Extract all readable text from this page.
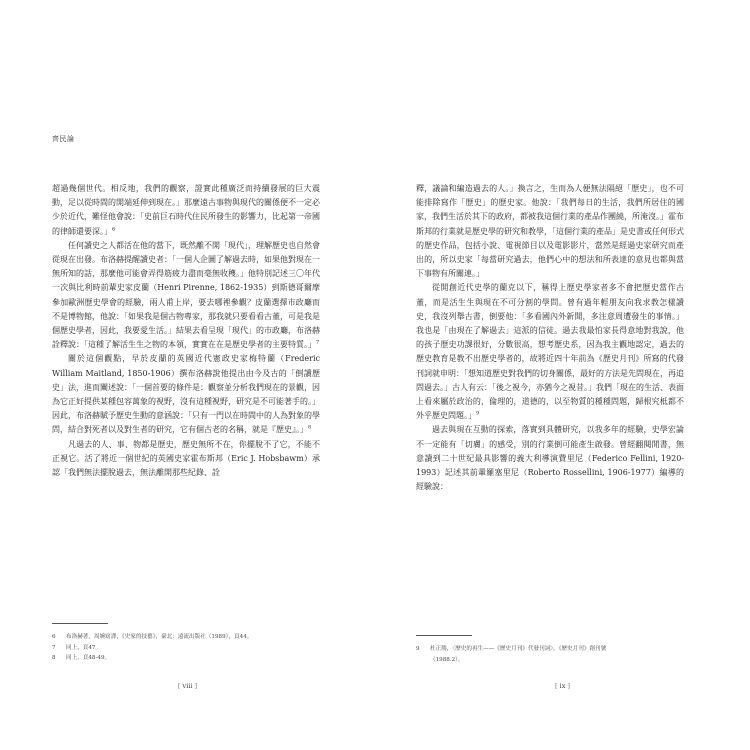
齊民論

超過幾個世代。相反地，我們的觀察，證實此種廣泛而持續發展的巨大震動，足以從時間的開端延伸到現在。」那麼遠古事物與現代的關係便不一定必少於近代，難怪他會說：「史前巨石時代住民所發生的影響力，比起第一帝國的律師還要深。」$^6$

任何讀史之人都活在他的當下，既然離不開「現代」，理解歷史也自然會從現在出發。布洛赫提醒讀史者：「一個人企圖了解過去時，如果他對現在一無所知的話，那麼他可能會弄得筋疲力盡而毫無收穫。」他特別記述三〇年代一次與比利時前輩史家皮蘭（Henri Pirenne, 1862-1935）到斯德哥爾摩參加歐洲歷史學會的經驗，兩人甫上岸，要去哪裡參觀？皮蘭選擇市政廳而不是博物館，他說：「如果我是個古物專家，那我就只要看看古董，可是我是個歷史學者，因此，我要愛生活。」結果去看呈現「現代」的市政廳，布洛赫詮釋說：「這種了解活生生之物的本領，實實在在是歷史學者的主要特質。」$^7$

關於這個觀點，早於皮蘭的英國近代憲政史家梅特蘭（Frederic William Maitland, 1850-1906）撰布洛赫說他提出由今及古的「倒讀歷史」法，進而闡述說：「一個首要的條件是：觀察並分析我們現在的景觀，因為它正好提供某種包容萬象的視野，沒有這種視野，研究是不可能著手的。」因此，布洛赫賦予歷史生動的意涵說：「只有一門以在時間中的人為對象的學問，結合對死者以及對生者的研究，它有個古老的名稱，就是『歷史』。」$^8$

凡過去的人、事、物都是歷史，歷史無所不在，你擺脫不了它，不能不正視它。活了將近一個世紀的英國史家霍布斯邦（Eric J. Hobsbawm）承認「我們無法擺脫過去，無法離開那些紀錄、詮

6 布洛赫著，周婉窈譯，《史家的技藝》，臺北：遠流出版社（1989），頁44。
7 同上，頁47。
8 同上，頁48-49。
[ viii ]

釋，議論和編造過去的人。」換言之，生而為人便無法隔絕「歷史」，也不可能排除寫作「歷史」的歷史家。他說：「我們每日的生活，我們所居住的國家，我們生活於其下的政府，都被我這個行業的產品作團繞，所淹沒。」霍布斯邦的行業就是歷史學的研究和教學，「這個行業的產品」是史書或任何形式的歷史作品，包括小說、電視節目以及電影影片，當然是經過史家研究而產出的，所以史家「每當研究過去，他們心中的想法和所表達的意見也都與當下事物有所關連。」

從開創近代史學的蘭克以下，稱得上歷史學家者多不會把歷史當作古董，而是活生生與現在不可分割的學問。曾有過年輕朋友向我求教怎樣讀史，我沒列舉古書，倒要他：「多看國內外新聞，多注意周遭發生的事情。」我也是「由現在了解過去」這派的信徒。過去我最怕家長得意地對我說，他的孩子歷史功課很好，分數很高，想考歷史系，因為我主觀地認定，過去的歷史教育是教不出歷史學者的，故將近四十年前為《歷史月刊》所寫的代發刊詞就申明：「想知道歷史對我們的切身關係，最好的方法是先問現在，再追問過去。」古人有云：「後之視今，亦猶今之視昔。」我們「現在的生活、表面上看來屬於政治的，倫理的，道德的，以至物質的種種問題，歸根究柢都不外乎歷史問題。」$^9$

過去與現在互動的探索，落實到具體研究，以我多年的經驗，史學宏論不一定能有「切膚」的感受，別的行業倒可能產生啟發。曾經翻閱閒書，無意讀到二十世紀最具影響的義大利導演費里尼（Federico Fellini, 1920-1993）記述其前輩羅塞里尼（Roberto Rossellini, 1906-1977）編導的經驗說：

9 杜正勝，〈歷史的再生——《歷史月刊》代發刊詞〉，《歷史月刊》創刊號
（1988.2）。
[ ix ]
